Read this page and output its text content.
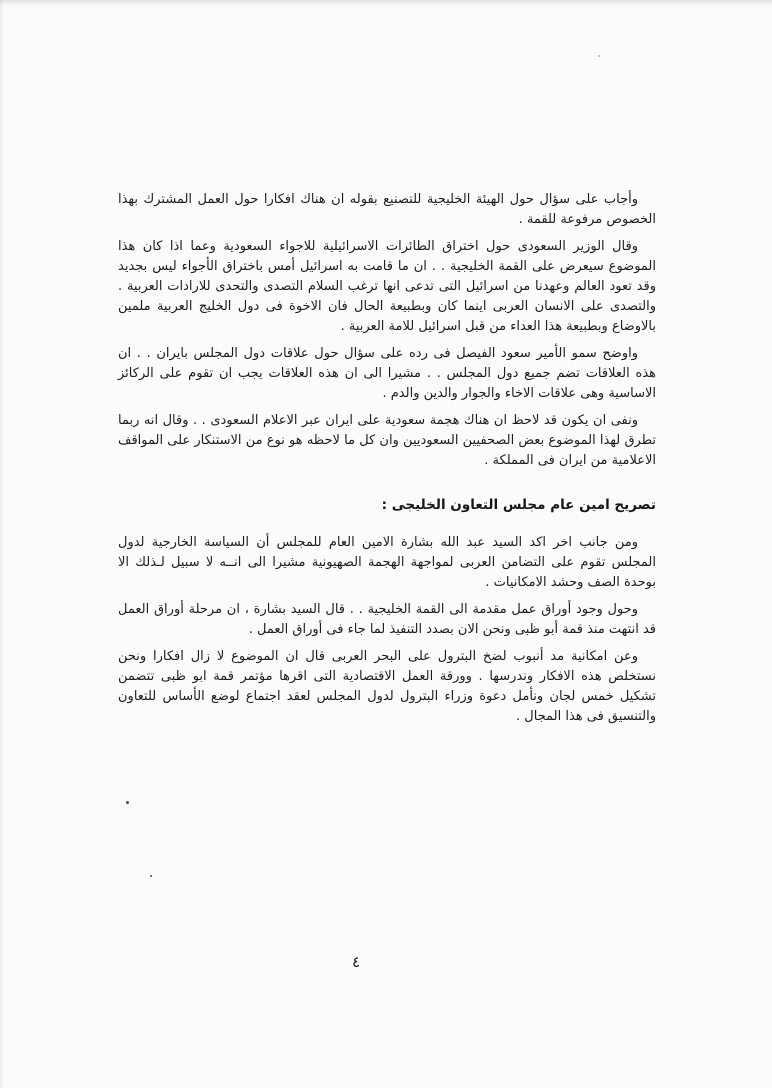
وأجاب على سؤال حول الهيئة الخليجية للتصنيع بقوله ان هناك افكارا حول العمل المشترك بهذا الخصوص مرفوعة للقمة .

وقال الوزير السعودى حول اختراق الطائرات الاسرائيلية للاجواء السعودية وعما اذا كان هذا الموضوع سيعرض على القمة الخليجية . . ان ما قامت به اسرائيل أمس باختراق الأجواء ليس بجديد وقد تعود العالم وعهدنا من اسرائيل التى تدعى انها ترغب السلام التصدى والتحدى للارادات العربية . والتصدى على الانسان العربى اينما كان وبطبيعة الحال فان الاخوة فى دول الخليج العربية ملمين بالاوضاع وبطبيعة هذا العداء من قبل اسرائيل للامة العربية .

واوضح سمو الأمير سعود الفيصل فى رده على سؤال حول علاقات دول المجلس بايران . . ان هذه العلاقات تضم جميع دول المجلس . . مشيرا الى ان هذه العلاقات يجب ان تقوم على الركائز الاساسية وهى علاقات الاخاء والجوار والدين والدم .

ونفى ان يكون قد لاحظ ان هناك هجمة سعودية على ايران عبر الاعلام السعودى . . وقال انه ربما تطرق لهذا الموضوع بعض الصحفيين السعوديين وان كل ما لاحظه هو نوع من الاستنكار على المواقف الاعلامية من ايران فى المملكة .

تصريح امين عام مجلس التعاون الخليجى :

ومن جانب اخر اكد السيد عبد الله بشارة الامين العام للمجلس أن السياسة الخارجية لدول المجلس تقوم على التضامن العربى لمواجهة الهجمة الصهيونية مشيرا الى انــه لا سبيل لـذلك الا بوحدة الصف وحشد الامكانيات .

وحول وجود أوراق عمل مقدمة الى القمة الخليجية . . قال السيد بشارة ، ان مرحلة أوراق العمل قد انتهت منذ قمة أبو ظبى ونحن الان بصدد التنفيذ لما جاء فى أوراق العمل .

وعن امكانية مد أنبوب لضخ البترول على البحر العربى قال ان الموضوع لا زال افكارا ونحن نستخلص هذه الافكار وندرسها . وورقة العمل الاقتصادية التى اقرها مؤتمر قمة ابو ظبى تتضمن تشكيل خمس لجان ونأمل دعوة وزراء البترول لدول المجلس لعقد اجتماع لوضع الأساس للتعاون والتنسيق فى هذا المجال .

٤
